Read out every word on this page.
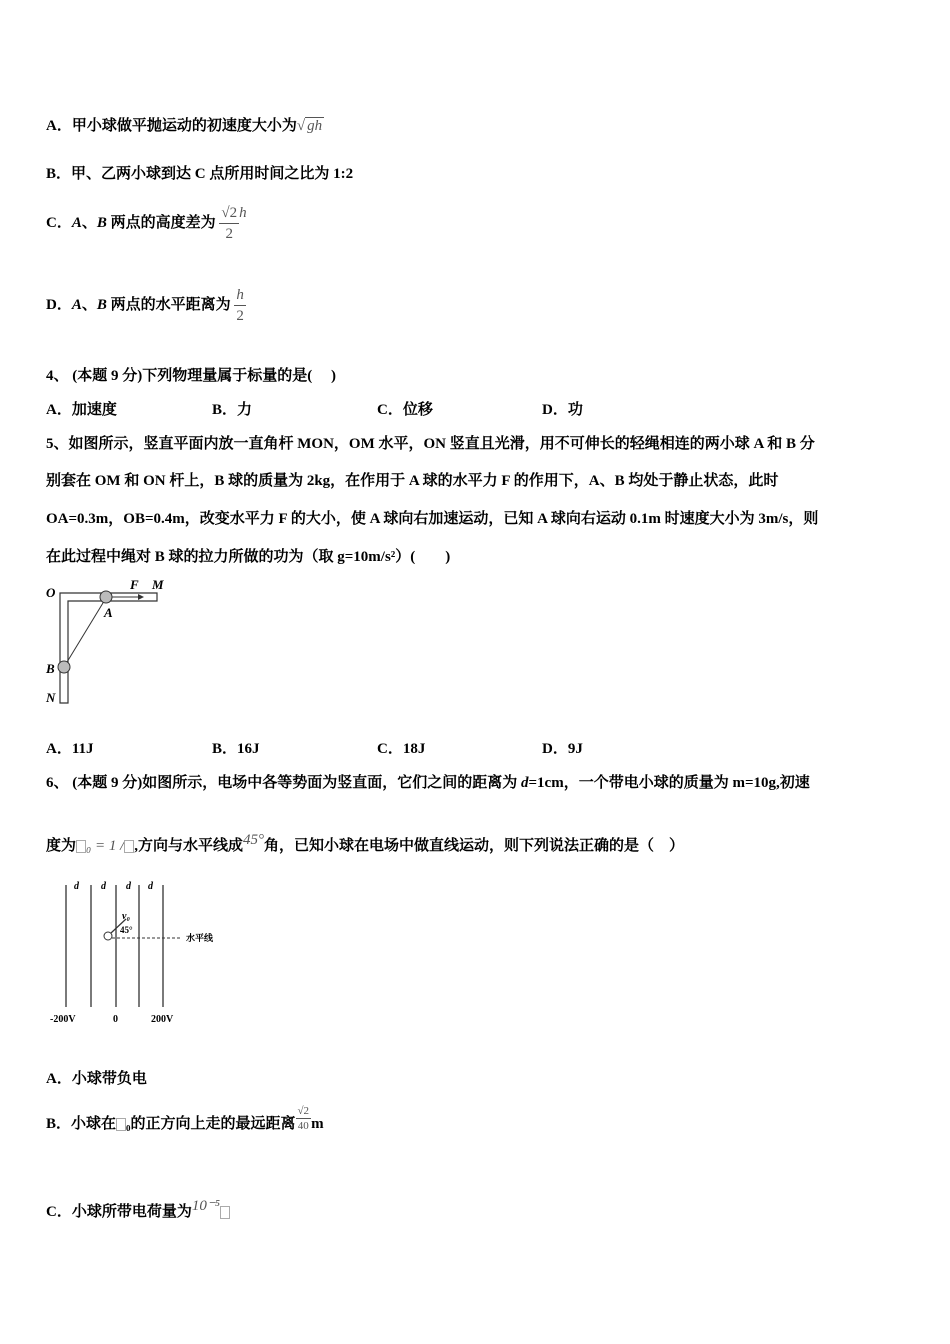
A．甲小球做平抛运动的初速度大小为√ gh
B．甲、乙两小球到达 C 点所用时间之比为 1:2
C．A、B 两点的高度差为 $\frac{√2}{2}$ h
D．A、B 两点的水平距离为 $\frac{h}{2}$
4、 (本题 9 分)下列物理量属于标量的是(　 )
A．加速度	B．力	C．位移	D．功
5、如图所示，竖直平面内放一直角杆 MON，OM 水平，ON 竖直且光滑，用不可伸长的轻绳相连的两小球 A 和 B 分
别套在 OM 和 ON 杆上，B 球的质量为 2kg，在作用于 A 球的水平力 F 的作用下，A、B 均处于静止状态，此时
OA=0.3m，OB=0.4m，改变水平力 F 的大小，使 A 球向右加速运动，已知 A 球向右运动 0.1m 时速度大小为 3m/s，则
在此过程中绳对 B 球的拉力所做的功为（取 g=10m/s²）(　　)
O
F M
A
B
N
A．11J	B．16J	C．18J	D．9J
6、 (本题 9 分)如图所示，电场中各等势面为竖直面，它们之间的距离为 d=1cm，一个带电小球的质量为 m=10g,初速
度为 ₀ = 1 / ,方向与水平线成45°角，已知小球在电场中做直线运动，则下列说法正确的是（　）
d d d d
v₀
45°
水平线
-200V	0	200V
A．小球带负电
B．小球在 ₀的正方向上走的最远距离 $\frac{√2}{40}$ m
C．小球所带电荷量为10⁻⁵
